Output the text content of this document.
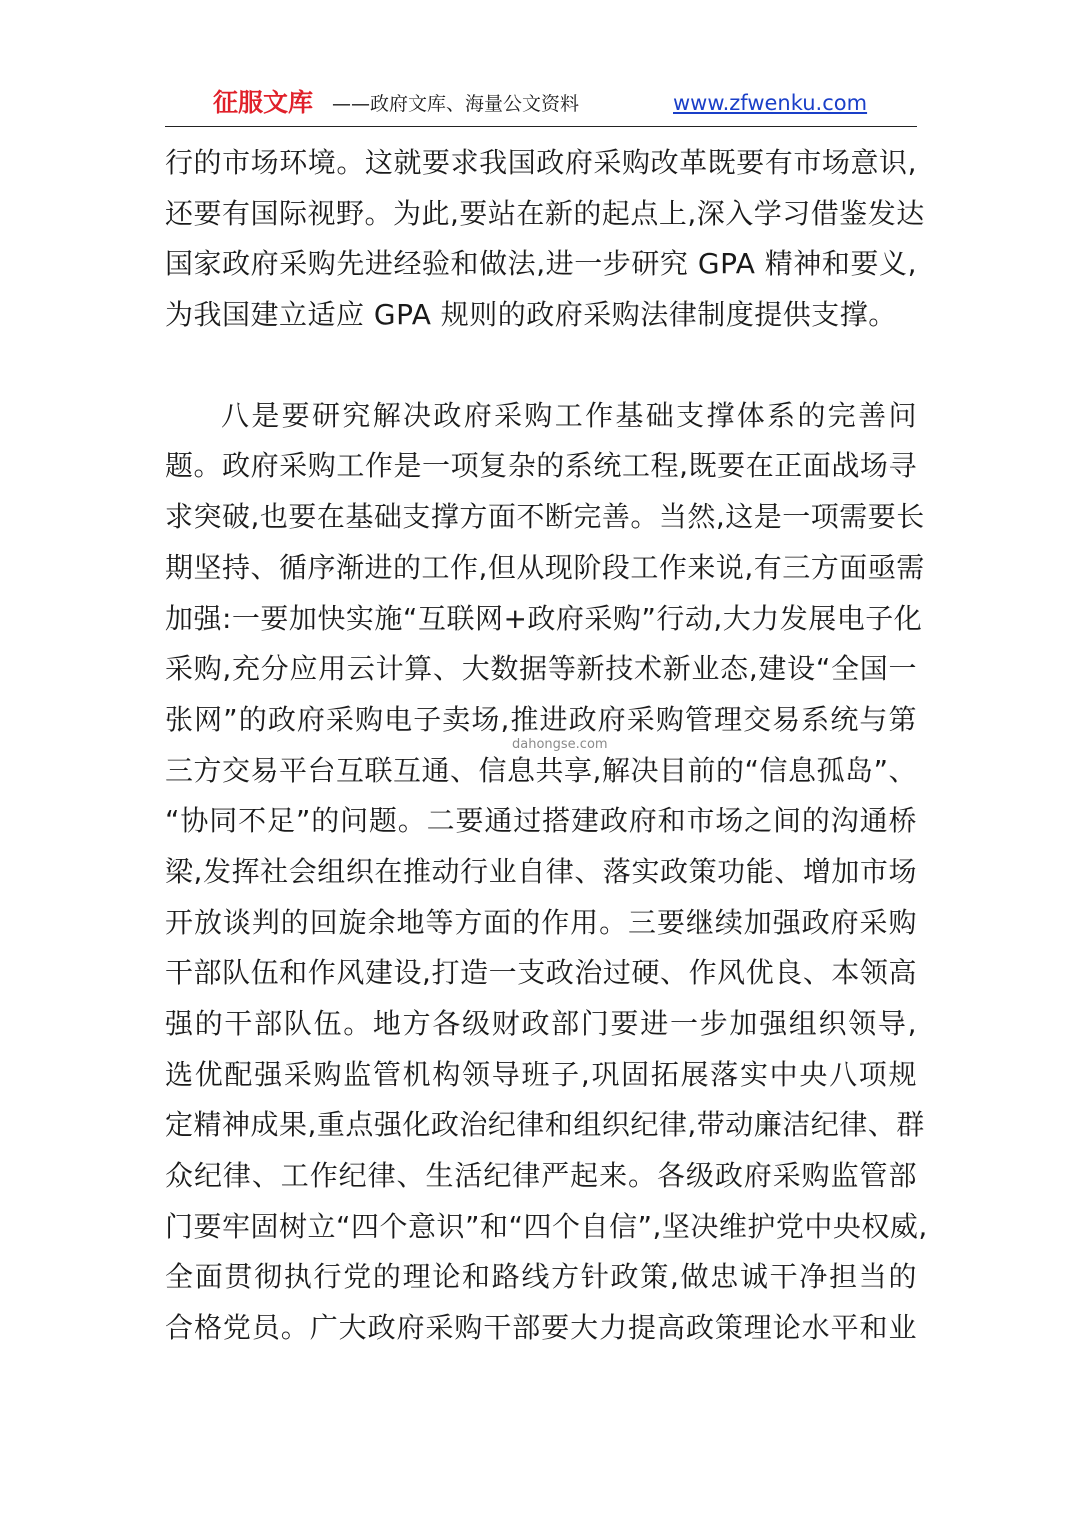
征服文库 ——政府文库、海量公文资料	www.zfwenku.com
行的市场环境。这就要求我国政府采购改革既要有市场意识,
还要有国际视野。为此,要站在新的起点上,深入学习借鉴发达
国家政府采购先进经验和做法,进一步研究 GPA 精神和要义,
为我国建立适应 GPA 规则的政府采购法律制度提供支撑。
八是要研究解决政府采购工作基础支撑体系的完善问
题。政府采购工作是一项复杂的系统工程,既要在正面战场寻
求突破,也要在基础支撑方面不断完善。当然,这是一项需要长
期坚持、循序渐进的工作,但从现阶段工作来说,有三方面亟需
加强:一要加快实施“互联网+政府采购”行动,大力发展电子化
采购,充分应用云计算、大数据等新技术新业态,建设“全国一
张网”的政府采购电子卖场,推进政府采购管理交易系统与第
三方交易平台互联互通、信息共享,解决目前的“信息孤岛”、
“协同不足”的问题。二要通过搭建政府和市场之间的沟通桥
梁,发挥社会组织在推动行业自律、落实政策功能、增加市场
开放谈判的回旋余地等方面的作用。三要继续加强政府采购
干部队伍和作风建设,打造一支政治过硬、作风优良、本领高
强的干部队伍。地方各级财政部门要进一步加强组织领导,
选优配强采购监管机构领导班子,巩固拓展落实中央八项规
定精神成果,重点强化政治纪律和组织纪律,带动廉洁纪律、群
众纪律、工作纪律、生活纪律严起来。各级政府采购监管部
门要牢固树立“四个意识”和“四个自信”,坚决维护党中央权威,
全面贯彻执行党的理论和路线方针政策,做忠诚干净担当的
合格党员。广大政府采购干部要大力提高政策理论水平和业
dahongse.com
